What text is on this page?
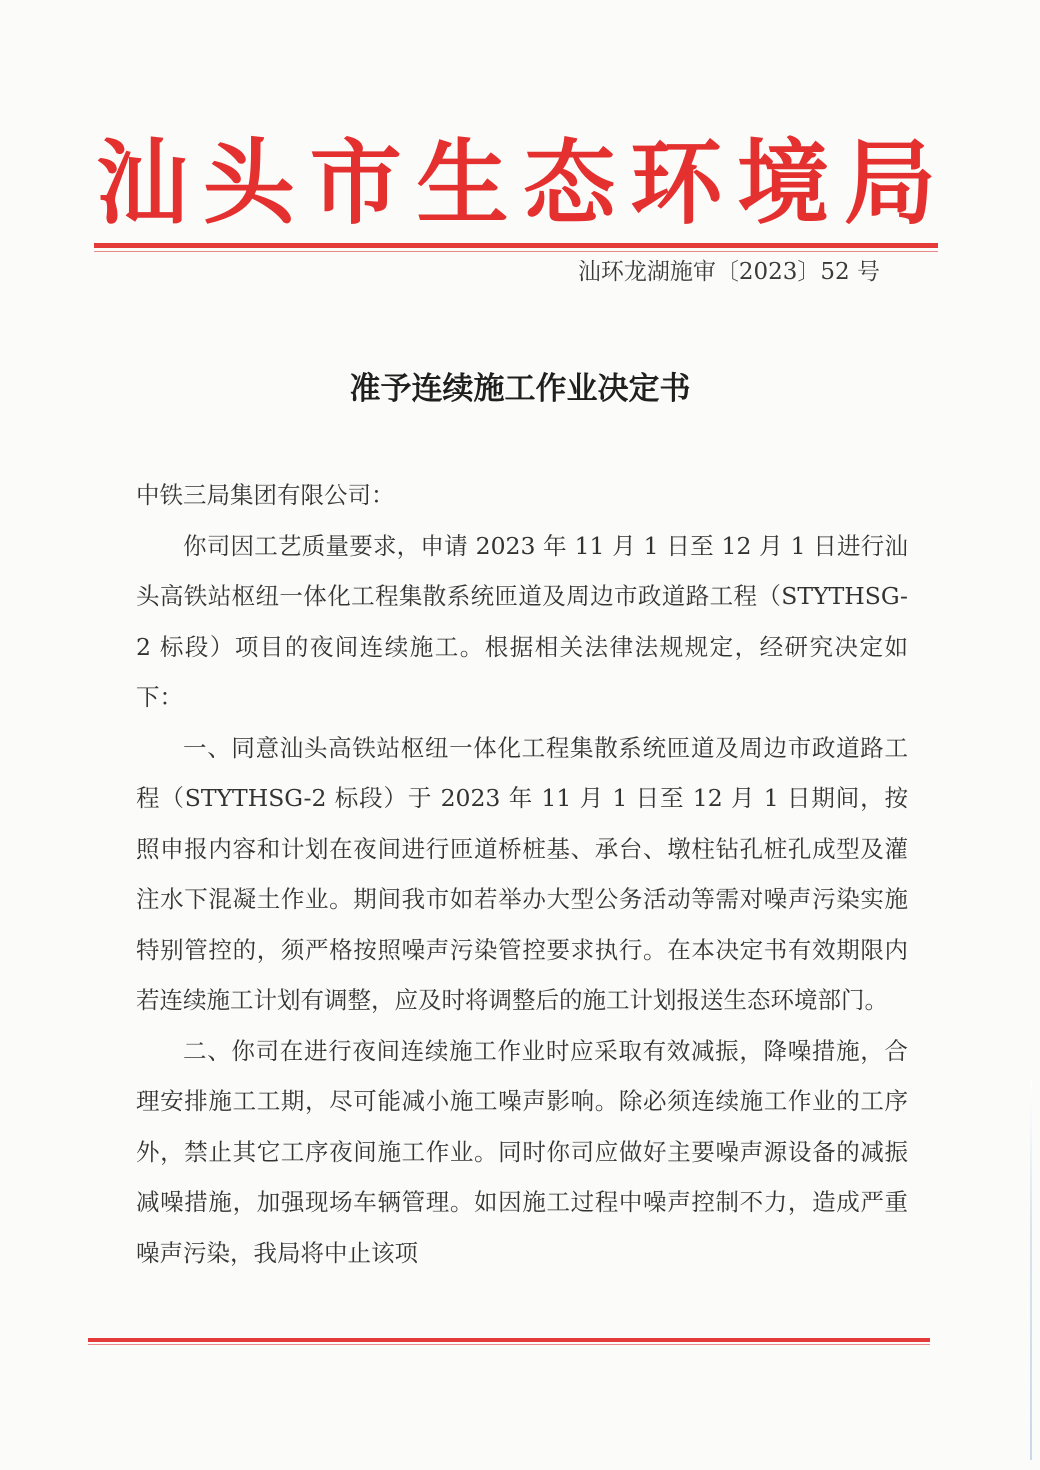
汕 头 市 生 态 环 境 局
汕环龙湖施审〔2023〕52 号
准予连续施工作业决定书

中铁三局集团有限公司：

你司因工艺质量要求，申请 2023 年 11 月 1 日至 12 月 1 日进行汕头高铁站枢纽一体化工程集散系统匝道及周边市政道路工程（STYTHSG-2 标段）项目的夜间连续施工。根据相关法律法规规定，经研究决定如下：

一、同意汕头高铁站枢纽一体化工程集散系统匝道及周边市政道路工程（STYTHSG-2 标段）于 2023 年 11 月 1 日至 12 月 1 日期间，按照申报内容和计划在夜间进行匝道桥桩基、承台、墩柱钻孔桩孔成型及灌注水下混凝土作业。期间我市如若举办大型公务活动等需对噪声污染实施特别管控的，须严格按照噪声污染管控要求执行。在本决定书有效期限内若连续施工计划有调整，应及时将调整后的施工计划报送生态环境部门。

二、你司在进行夜间连续施工作业时应采取有效减振，降噪措施，合理安排施工工期，尽可能减小施工噪声影响。除必须连续施工作业的工序外，禁止其它工序夜间施工作业。同时你司应做好主要噪声源设备的减振减噪措施，加强现场车辆管理。如因施工过程中噪声控制不力，造成严重噪声污染，我局将中止该项
